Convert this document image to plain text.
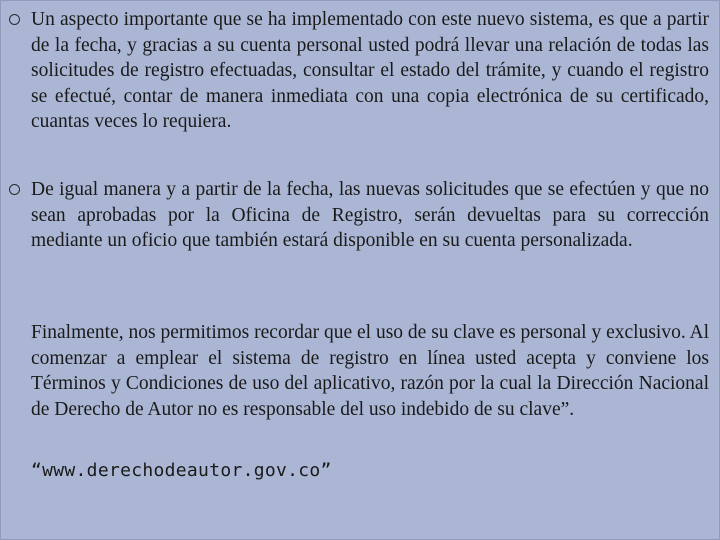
Un aspecto importante que se ha implementado con este nuevo sistema, es que a partir de la fecha, y gracias a su cuenta personal usted podrá llevar una relación de todas las solicitudes de registro efectuadas, consultar el estado del trámite, y cuando el registro se efectué, contar de manera inmediata con una copia electrónica de su certificado, cuantas veces lo requiera.

De igual manera y a partir de la fecha, las nuevas solicitudes que se efectúen y que no sean aprobadas por la Oficina de Registro, serán devueltas para su corrección mediante un oficio que también estará disponible en su cuenta personalizada.

Finalmente, nos permitimos recordar que el uso de su clave es personal y exclusivo. Al comenzar a emplear el sistema de registro en línea usted acepta y conviene los Términos y Condiciones de uso del aplicativo, razón por la cual la Dirección Nacional de Derecho de Autor no es responsable del uso indebido de su clave”.

“www.derechodeautor.gov.co”
